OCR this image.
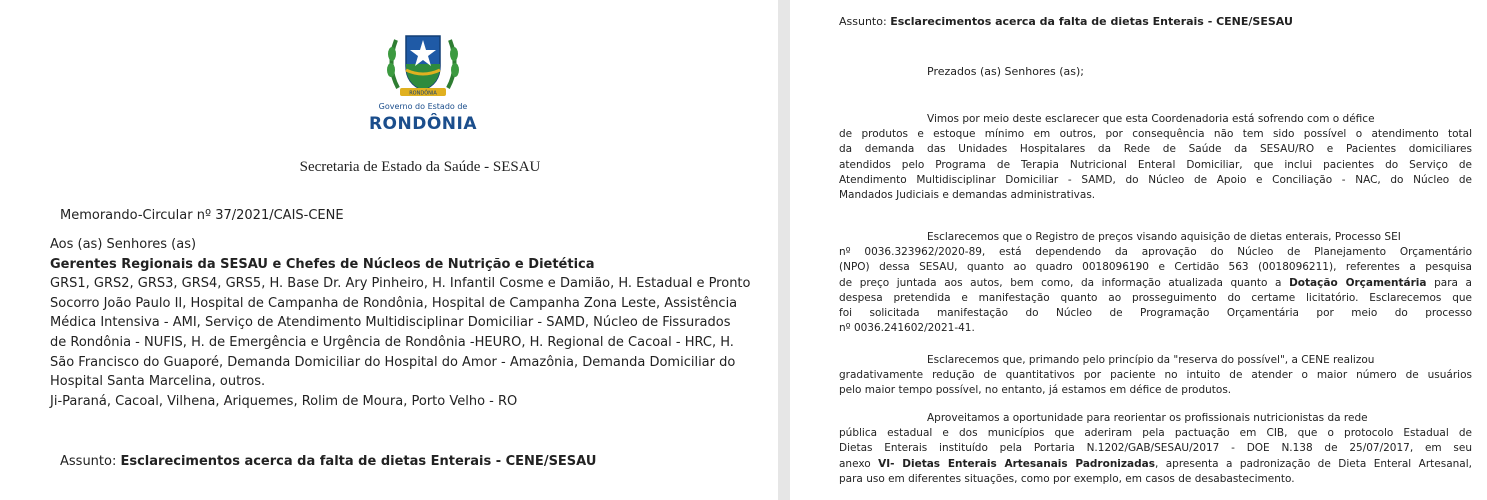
RONDÔNIA
Governo do Estado de
RONDÔNIA
Secretaria de Estado da Saúde - SESAU
Memorando-Circular nº 37/2021/CAIS-CENE
Aos (as) Senhores (as)
Gerentes Regionais da SESAU e Chefes de Núcleos de Nutrição e Dietética
GRS1, GRS2, GRS3, GRS4, GRS5, H. Base Dr. Ary Pinheiro, H. Infantil Cosme e Damião, H. Estadual e Pronto
Socorro João Paulo II, Hospital de Campanha de Rondônia, Hospital de Campanha Zona Leste, Assistência
Médica Intensiva - AMI, Serviço de Atendimento Multidisciplinar Domiciliar - SAMD, Núcleo de Fissurados
de Rondônia - NUFIS, H. de Emergência e Urgência de Rondônia -HEURO, H. Regional de Cacoal - HRC, H.
São Francisco do Guaporé, Demanda Domiciliar do Hospital do Amor - Amazônia, Demanda Domiciliar do
Hospital Santa Marcelina, outros.
Ji-Paraná, Cacoal, Vilhena, Ariquemes, Rolim de Moura, Porto Velho - RO
Assunto: Esclarecimentos acerca da falta de dietas Enterais - CENE/SESAU
Assunto: Esclarecimentos acerca da falta de dietas Enterais - CENE/SESAU
Prezados (as) Senhores (as);
Vimos por meio deste esclarecer que esta Coordenadoria está sofrendo com o défice
de produtos e estoque mínimo em outros, por consequência não tem sido possível o atendimento total
da demanda das Unidades Hospitalares da Rede de Saúde da SESAU/RO e Pacientes domiciliares
atendidos pelo Programa de Terapia Nutricional Enteral Domiciliar, que inclui pacientes do Serviço de
Atendimento Multidisciplinar Domiciliar - SAMD, do Núcleo de Apoio e Conciliação - NAC, do Núcleo de
Mandados Judiciais e demandas administrativas.
Esclarecemos que o Registro de preços visando aquisição de dietas enterais, Processo SEI
nº 0036.323962/2020-89, está dependendo da aprovação do Núcleo de Planejamento Orçamentário
(NPO) dessa SESAU, quanto ao quadro 0018096190 e Certidão 563 (0018096211), referentes a pesquisa
de preço juntada aos autos, bem como, da informação atualizada quanto a Dotação Orçamentária para a
despesa pretendida e manifestação quanto ao prosseguimento do certame licitatório. Esclarecemos que
foi solicitada manifestação do Núcleo de Programação Orçamentária por meio do processo
nº 0036.241602/2021-41.
Esclarecemos que, primando pelo princípio da "reserva do possível", a CENE realizou
gradativamente redução de quantitativos por paciente no intuito de atender o maior número de usuários
pelo maior tempo possível, no entanto, já estamos em défice de produtos.
Aproveitamos a oportunidade para reorientar os profissionais nutricionistas da rede
pública estadual e dos municípios que aderiram pela pactuação em CIB, que o protocolo Estadual de
Dietas Enterais instituído pela Portaria N.1202/GAB/SESAU/2017 - DOE N.138 de 25/07/2017, em seu
anexo VI- Dietas Enterais Artesanais Padronizadas, apresenta a padronização de Dieta Enteral Artesanal,
para uso em diferentes situações, como por exemplo, em casos de desabastecimento.
